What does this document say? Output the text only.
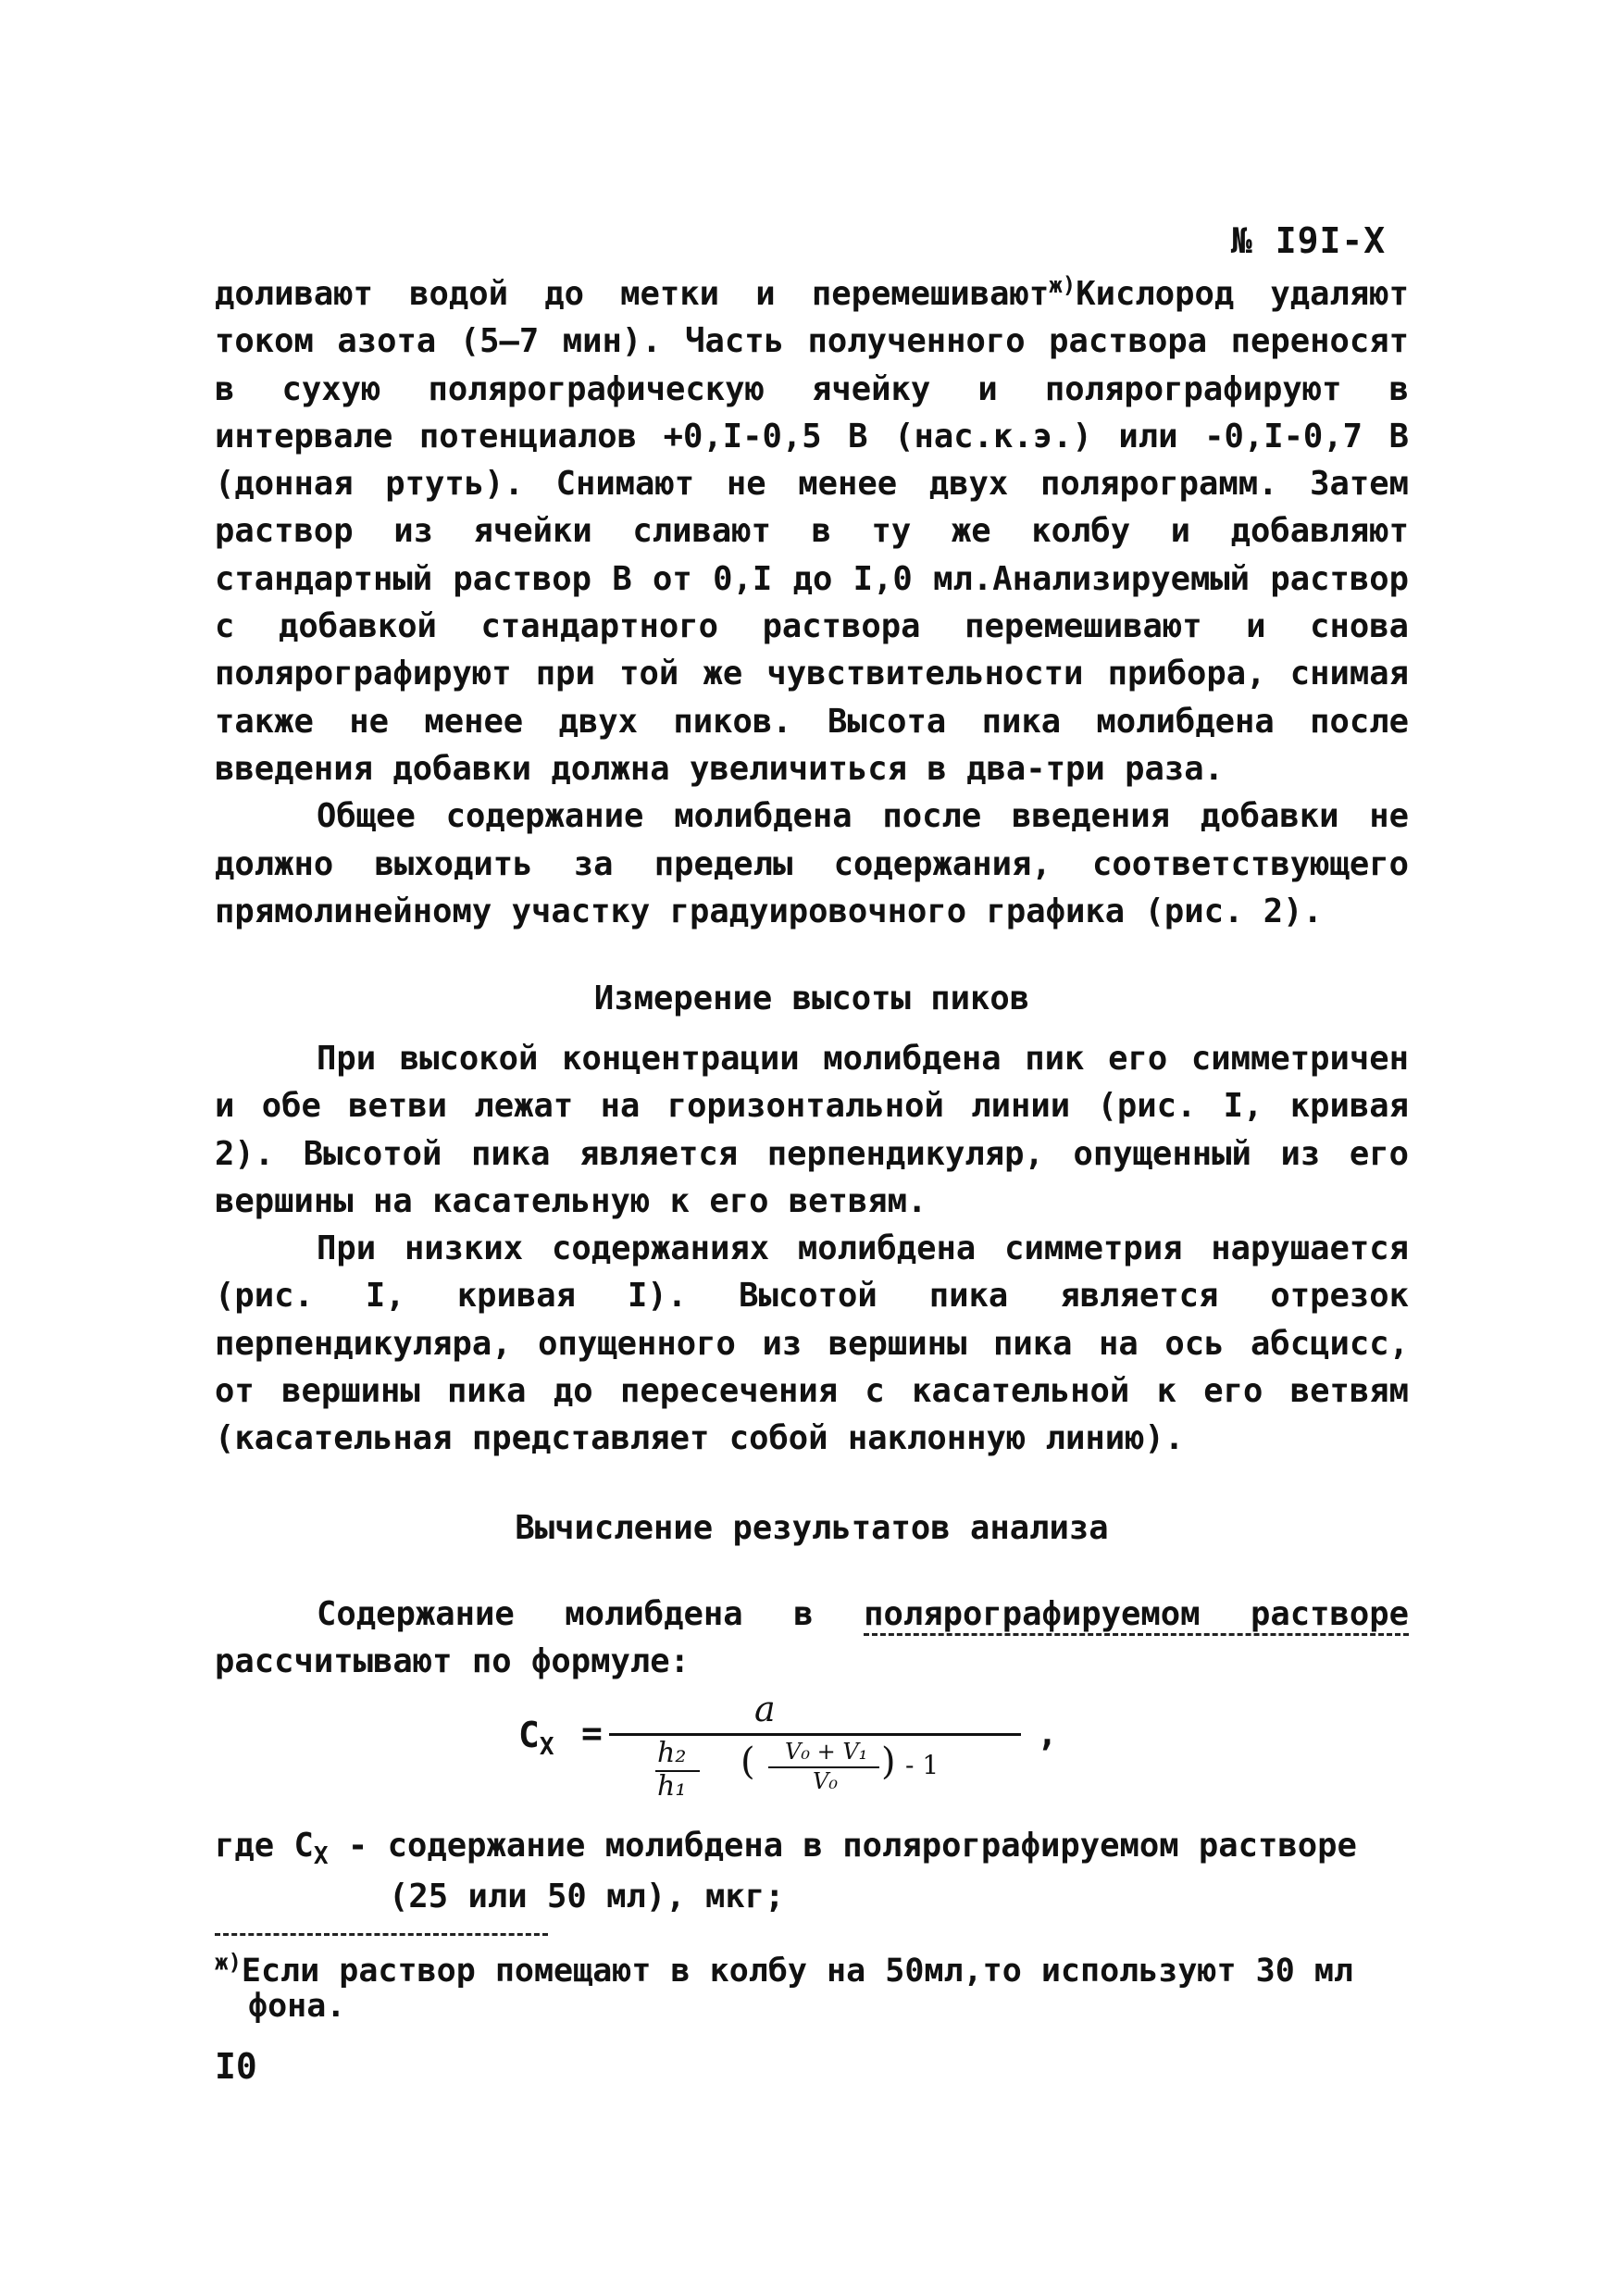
№ I9I-X

доливают водой до метки и перемешивают$^{ж)}$Кислород удаляют током азота (5–7 мин). Часть полученного раствора переносят в сухую полярографическую ячейку и полярографируют в интервале потенциалов +0,I-0,5 В (нас.к.э.) или -0,I-0,7 В (донная ртуть). Снимают не менее двух полярограмм. Затем раствор из ячейки сливают в ту же колбу и добавляют стандартный раствор В от 0,I до I,0 мл.Анализируемый раствор с добавкой стандартного раствора перемешивают и снова полярографируют при той же чувствительности прибора, снимая также не менее двух пиков. Высота пика молибдена после введения добавки должна увеличиться в два-три раза.

Общее содержание молибдена после введения добавки не должно выходить за пределы содержания, соответствующего прямолинейному участку градуировочного графика (рис. 2).

Измерение высоты пиков

При высокой концентрации молибдена пик его симметричен и обе ветви лежат на горизонтальной линии (рис. I, кривая 2). Высотой пика является перпендикуляр, опущенный из его вершины на касательную к его ветвям.

При низких содержаниях молибдена симметрия нарушается (рис. I, кривая I). Высотой пика является отрезок перпендикуляра, опущенного из вершины пика на ось абсцисс, от вершины пика до пересечения с касательной к его ветвям (касательная представляет собой наклонную линию).

Вычисление результатов анализа

Содержание молибдена в полярографируемом растворе рассчитывают по формуле:

$C_X$ =
a
h₂
h₁
( V₀ + V₁
V₀ ) - 1
,
где $C_X$ - содержание молибдена в полярографируемом растворе
(25 или 50 мл), мкг;
$^{ж)}$Если раствор помещают в колбу на 50мл,то используют 30 мл
фона.
I0
